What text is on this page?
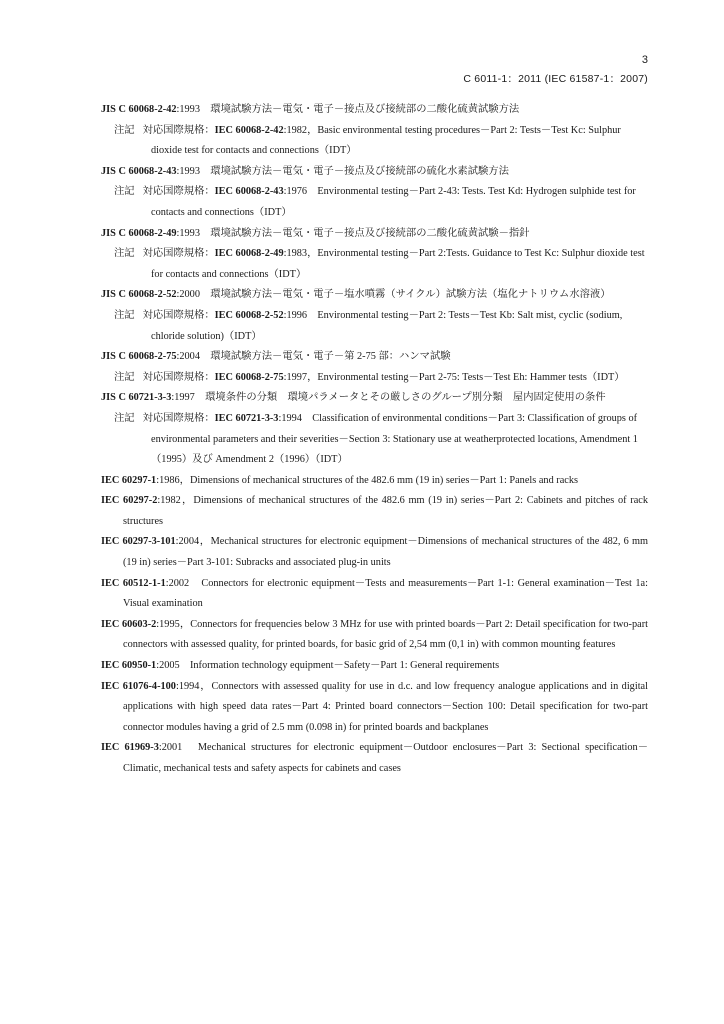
3
C 6011-1：2011 (IEC 61587-1：2007)

JIS C 60068-2-42:1993　 環境試験方法－電気・電子－接点及び接続部の二酸化硫黄試験方法

注記 対応国際規格：IEC 60068-2-42:1982，Basic environmental testing procedures－Part 2: Tests－Test Kc: Sulphur dioxide test for contacts and connections（IDT）

JIS C 60068-2-43:1993　 環境試験方法－電気・電子－接点及び接続部の硫化水素試験方法

注記 対応国際規格：IEC 60068-2-43:1976　Environmental testing－Part 2-43: Tests. Test Kd: Hydrogen sulphide test for contacts and connections（IDT）

JIS C 60068-2-49:1993　 環境試験方法－電気・電子－接点及び接続部の二酸化硫黄試験－指針

注記 対応国際規格：IEC 60068-2-49:1983，Environmental testing－Part 2:Tests. Guidance to Test Kc: Sulphur dioxide test for contacts and connections（IDT）

JIS C 60068-2-52:2000　 環境試験方法－電気・電子－塩水噴霧（サイクル）試験方法（塩化ナトリウム水溶液）

注記 対応国際規格：IEC 60068-2-52:1996　Environmental testing－Part 2: Tests－Test Kb: Salt mist, cyclic (sodium, chloride solution)（IDT）

JIS C 60068-2-75:2004　 環境試験方法－電気・電子－第 2-75 部：ハンマ試験

注記 対応国際規格：IEC 60068-2-75:1997，Environmental testing－Part 2-75: Tests－Test Eh: Hammer tests（IDT）

JIS C 60721-3-3:1997　 環境条件の分類　環境パラメータとその厳しさのグループ別分類　屋内固定使用の条件

注記 対応国際規格：IEC 60721-3-3:1994　Classification of environmental conditions－Part 3: Classification of groups of environmental parameters and their severities－Section 3: Stationary use at weatherprotected locations, Amendment 1（1995）及び Amendment 2（1996）（IDT）

IEC 60297-1:1986，Dimensions of mechanical structures of the 482.6 mm (19 in) series－Part 1: Panels and racks

IEC 60297-2:1982，Dimensions of mechanical structures of the 482.6 mm (19 in) series－Part 2: Cabinets and pitches of rack structures

IEC 60297-3-101:2004，Mechanical structures for electronic equipment－Dimensions of mechanical structures of the 482, 6 mm (19 in) series－Part 3-101: Subracks and associated plug-in units

IEC 60512-1-1:2002　Connectors for electronic equipment－Tests and measurements－Part 1-1: General examination－Test 1a: Visual examination

IEC 60603-2:1995，Connectors for frequencies below 3 MHz for use with printed boards－Part 2: Detail specification for two-part connectors with assessed quality, for printed boards, for basic grid of 2,54 mm (0,1 in) with common mounting features

IEC 60950-1:2005　Information technology equipment－Safety－Part 1: General requirements

IEC 61076-4-100:1994，Connectors with assessed quality for use in d.c. and low frequency analogue applications and in digital applications with high speed data rates－Part 4: Printed board connectors－Section 100: Detail specification for two-part connector modules having a grid of 2.5 mm (0.098 in) for printed boards and backplanes

IEC 61969-3:2001　Mechanical structures for electronic equipment－Outdoor enclosures－Part 3: Sectional specification－Climatic, mechanical tests and safety aspects for cabinets and cases
